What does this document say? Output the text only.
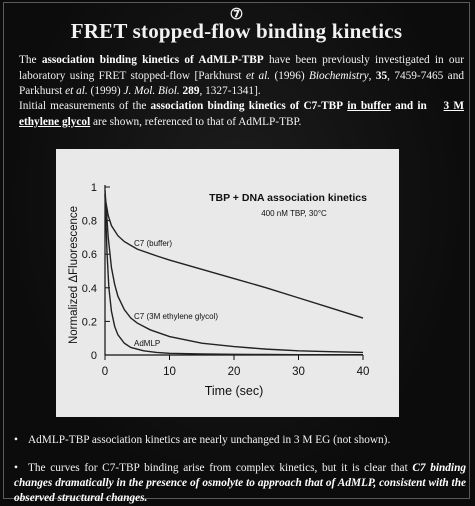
⑦
FRET stopped-flow binding kinetics
The association binding kinetics of AdMLP-TBP have been previously investigated in our laboratory using FRET stopped-flow [Parkhurst et al. (1996) Biochemistry, 35, 7459-7465 and Parkhurst et al. (1999) J. Mol. Biol. 289, 1327-1341].
Initial measurements of the association binding kinetics of C7-TBP in buffer and in    3 M ethylene glycol are shown, referenced to that of AdMLP-TBP.
0
0.2
0.4
0.6
0.8
1
0	10	20	30	40
Time (sec)
Normalized ΔFluorescence
TBP + DNA association kinetics
400 nM TBP, 30°C
C7 (buffer)
C7 (3M ethylene glycol)
AdMLP
• AdMLP-TBP association kinetics are nearly unchanged in 3 M EG (not shown).
• The curves for C7-TBP binding arise from complex kinetics, but it is clear that C7 binding changes dramatically in the presence of osmolyte to approach that of AdMLP, consistent with the observed structural changes.
